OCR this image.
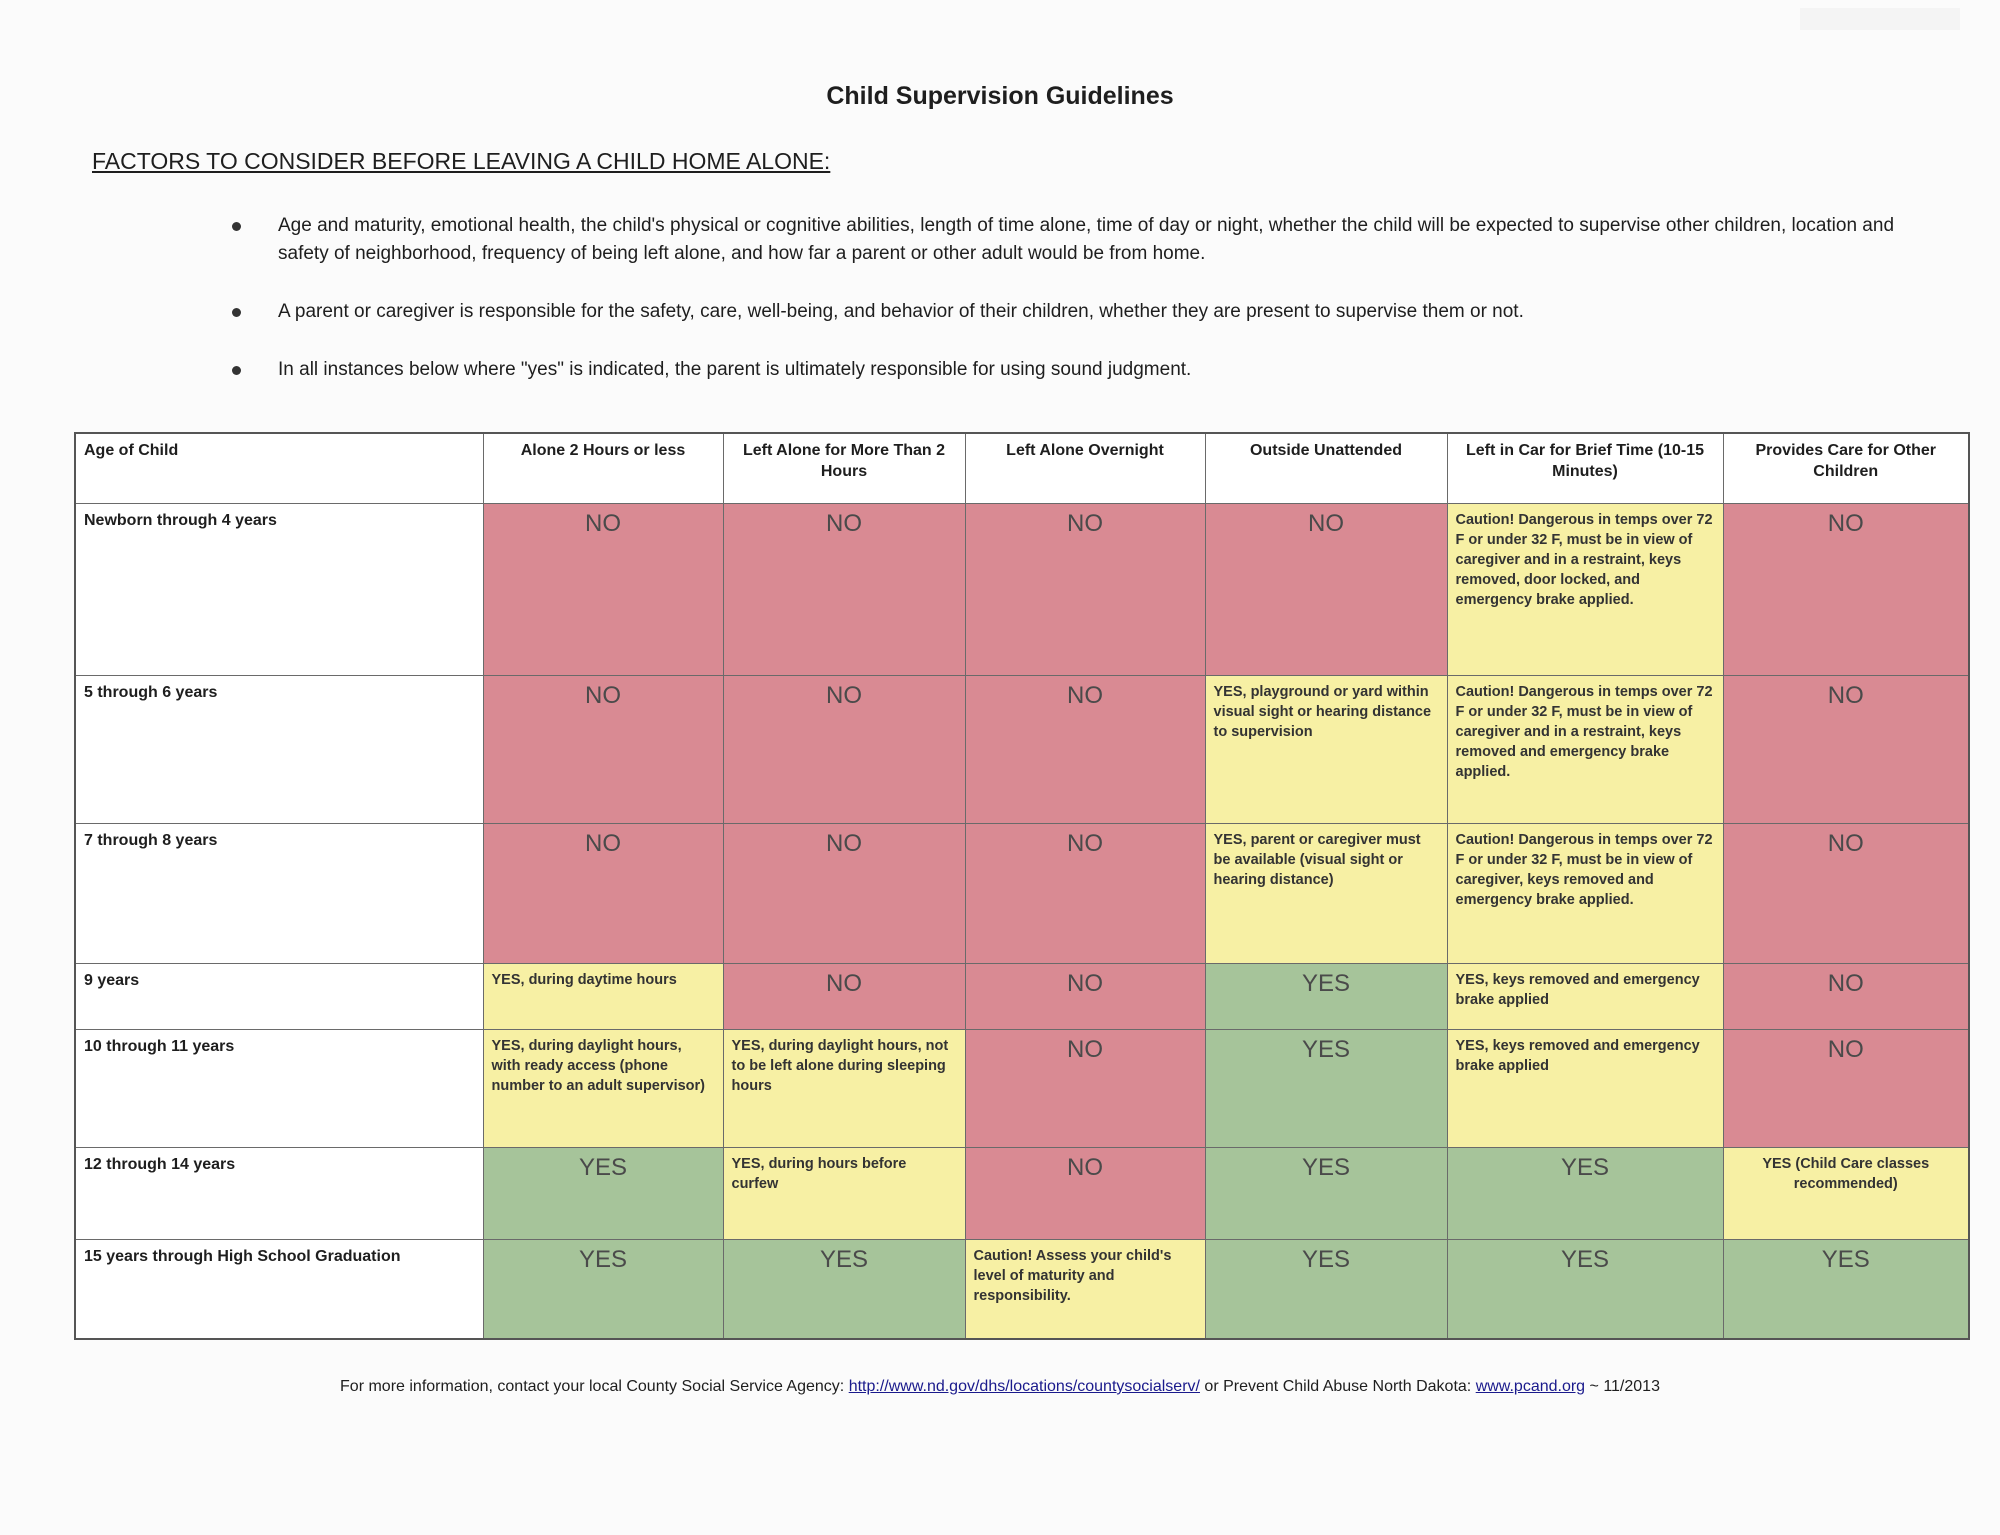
Child Supervision Guidelines
FACTORS TO CONSIDER BEFORE LEAVING A CHILD HOME ALONE:
Age and maturity, emotional health, the child's physical or cognitive abilities, length of time alone, time of day or night, whether the child will be expected to supervise other children, location and safety of neighborhood, frequency of being left alone, and how far a parent or other adult would be from home.
A parent or caregiver is responsible for the safety, care, well-being, and behavior of their children, whether they are present to supervise them or not.
In all instances below where "yes" is indicated, the parent is ultimately responsible for using sound judgment.
Age of Child	Alone 2 Hours or less	Left Alone for More Than 2 Hours	Left Alone Overnight	Outside Unattended	Left in Car for Brief Time (10-15 Minutes)	Provides Care for Other Children
Newborn through 4 years	NO	NO	NO	NO	Caution! Dangerous in temps over 72 F or under 32 F, must be in view of caregiver and in a restraint, keys removed, door locked, and emergency brake applied.	NO
5 through 6 years	NO	NO	NO	YES, playground or yard within visual sight or hearing distance to supervision	Caution! Dangerous in temps over 72 F or under 32 F, must be in view of caregiver and in a restraint, keys removed and emergency brake applied.	NO
7 through 8 years	NO	NO	NO	YES, parent or caregiver must be available (visual sight or hearing distance)	Caution! Dangerous in temps over 72 F or under 32 F, must be in view of caregiver, keys removed and emergency brake applied.	NO
9 years	YES, during daytime hours	NO	NO	YES	YES, keys removed and emergency brake applied	NO
10 through 11 years	YES, during daylight hours, with ready access (phone number to an adult supervisor)	YES, during daylight hours, not to be left alone during sleeping hours	NO	YES	YES, keys removed and emergency brake applied	NO
12 through 14 years	YES	YES, during hours before curfew	NO	YES	YES	YES (Child Care classes recommended)
15 years through High School Graduation	YES	YES	Caution! Assess your child's level of maturity and responsibility.	YES	YES	YES
For more information, contact your local County Social Service Agency: http://www.nd.gov/dhs/locations/countysocialserv/ or Prevent Child Abuse North Dakota: www.pcand.org ~ 11/2013
